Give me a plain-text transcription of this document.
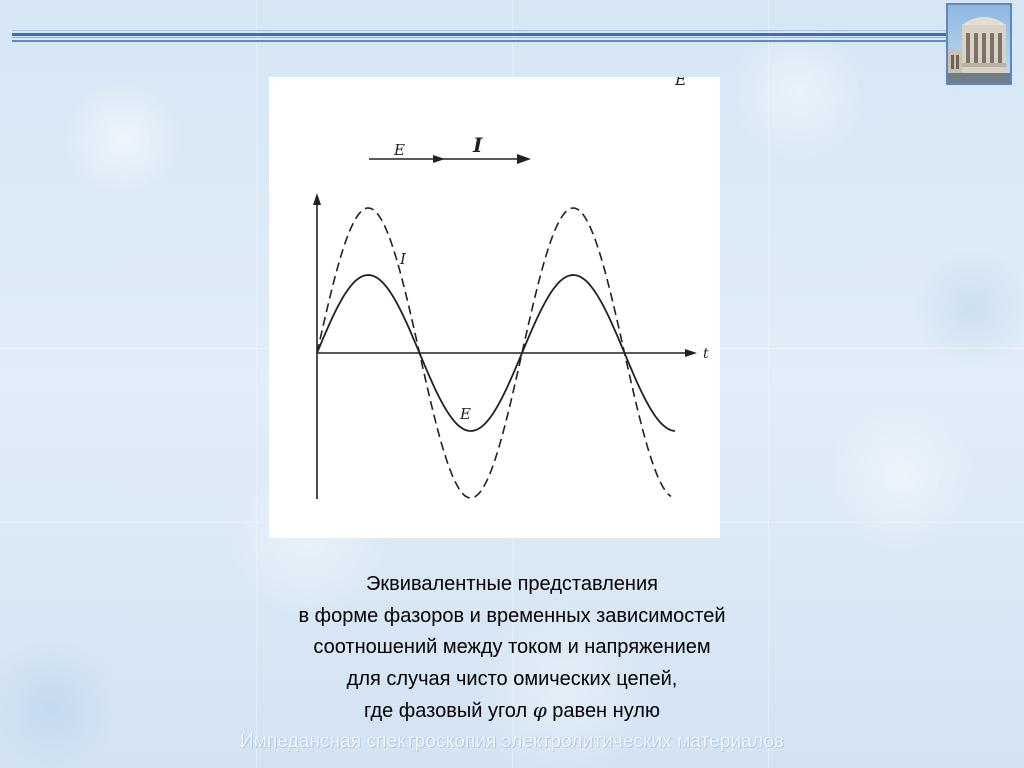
E
E	I
t
I
E
Эквивалентные представления
в форме фазоров и временных зависимостей
соотношений между током и напряжением
для случая чисто омических цепей,
где фазовый угол φ равен нулю
Импедансная спектроскопия электролитических материалов
